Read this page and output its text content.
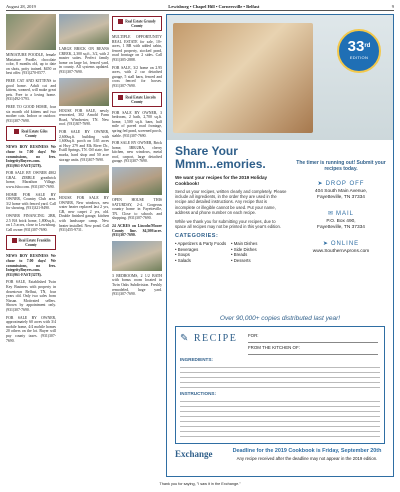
August 28, 2019	Lewisburg • Chapel Hill • Cornersville • Belfast	9
MINIATURE POODLE, female Miniature Poodle, chocolate color, 8 months old, up to date on shots, potty trained. $450 or best offer. (931)270-0577.
FREE CAT AND KITTENS to good home. Adult cat and kittens, weaned, will make great pets. Free to a loving home. (931)492-5793.
FREE TO GOOD HOME, four six month old kittens and two mother cats. Indoor or outdoor. (931)307-7690.
Real Estate Giles County
NEWS BOY BUSINESS We chose to 7.00 days! We commissions, no fees. IntegrityBuyers.com. (931)961-FAST(3278).
FOR SALE BY OWNER 4802 GRAL ZIRBLE greatbrick home, Marathon Village. www.fsbo.com. (931)307-7690.
HOME FOR SALE BY OWNER, Country Club area. 3/2 home with fenced yard. Call for showing. (931)321-8490.
OWNER FINANCING 2BR, 2.5 BA brick home, 1,800sq.ft., on 1.5 acres, close to Lewisburg. Call owner (931)307-7690.
Real Estate Franklin County
NEWS BOY BUSINESS We chose to 7.00 days! We commissions, no fees. IntegrityBuyers.com. (931)961-FAST(3278).
FOR SALE, Established Twin Key Business with property in downtown Belfast, TN, four years old. Only two sales from Nissan. Motivated sellers. Shown by appointment only. (931)307-7690.
FOR SALE BY OWNER, approximately 60 acres with 3/4 mobile home, 4/4 mobile homes 20 others on the lot. Buyer will pay county taxes. (931)307-7690.
LARGE BRICK ON BEANS CREEK, 2,300 sq.ft., 3/2, with 2 master suites. Perfect family home on large lot, fenced yard, in county. All systems updated. (931)307-7690.
HOUSE FOR SALE, newly renovated, 302 Arnold Farm Road, Winchester, TN. New roof. (931)307-7690.
FOR SALE BY OWNER, 2,600sq.ft. building with 1,600sq.ft. porch on 3.65 acres at Hwy 279 and Elk River Dr., Estill Springs, TN. Off state, fire marks, hard shop and 50 acre storage units. (931)307-7690.
HOUSE FOR SALE BY OWNER, New windows, new water heater replaced last 2 yrs, GR, new carpet 2 yrs, old. Double finished garage, kitchen with landscape camp. New heater installed. New pond. Call (931)455-9731.
Real Estate Grundy County
MULTIPLE OPPORTUNITY REAL ESTATE for sale, 10+ acres, 1 BR with added cabin, fenced property, stocked pond, road frontage on 2 sides. Call (931)305-2888.
FOR SALE, 3/2 home on 2.95 acres, with 2 car detached garage, 5 stall barn, fenced and cross fenced for horses. (931)307-7690.
Real Estate Lincoln County
FOR SALE BY OWNER, 3 bedroom, 2 bath, 2,700 sq.ft. home, 1,500 sq.ft. barn, half mile of paved road frontage, spring fed pond, screened porch, stable. (931)307-7690.
FOR SALE BY OWNER, Brick home, 3BR/2BA, cherry kitchen, new windows, metal roof, carport, large detached garage. (931)307-7690.
OPEN HOUSE THIS SATURDAY, 2-4. Gorgeous country home in Fayetteville, TN. Close to schools and shopping. (931)307-7690.
24 ACRES on Lincoln/Moore County line. $4,500/acre. (931)307-7690.
3 BEDROOMS, 2 1/2 BATH with bonus room located in Twin Oaks Subdivision. Freshly remodeled, large yard. (931)307-7690.
33rd
EDITION
Share Your Mmm...emories.
We want your recipes for the 2019 Holiday Cookbook!

Send us your recipes, written clearly and completely. Please include all ingredients, in the order they are used in the recipe and detailed instructions. Any recipe that is incomplete or illegible cannot be used. Put your name, address and phone number on each recipe.

While we thank you for submitting your recipes, due to space all recipes may not be printed in this year's edition.

CATEGORIES:
• Appetizers & Party Foods	• Main Dishes
• Beverages	• Side Dishes
• Soups	• Breads
• Salads	• Desserts
The timer is running out! Submit your recipes today.
➤ DROP OFF
404 South Main Avenue,
Fayetteville, TN 37334
✉ MAIL
P.O. Box 490,
Fayetteville, TN 37334
➤ ONLINE
www.SouthernAprons.com
Over 90,000+ copies distributed last year!
✎ RECIPE FOR:
FROM THE KITCHEN OF:
INGREDIENTS:
INSTRUCTIONS:
Exchange	Deadline for the 2019 Cookbook is Friday, September 20th
Any recipe received after the deadline may not appear in the 2019 edition.
Thank you for saying, "I saw it in the Exchange."
